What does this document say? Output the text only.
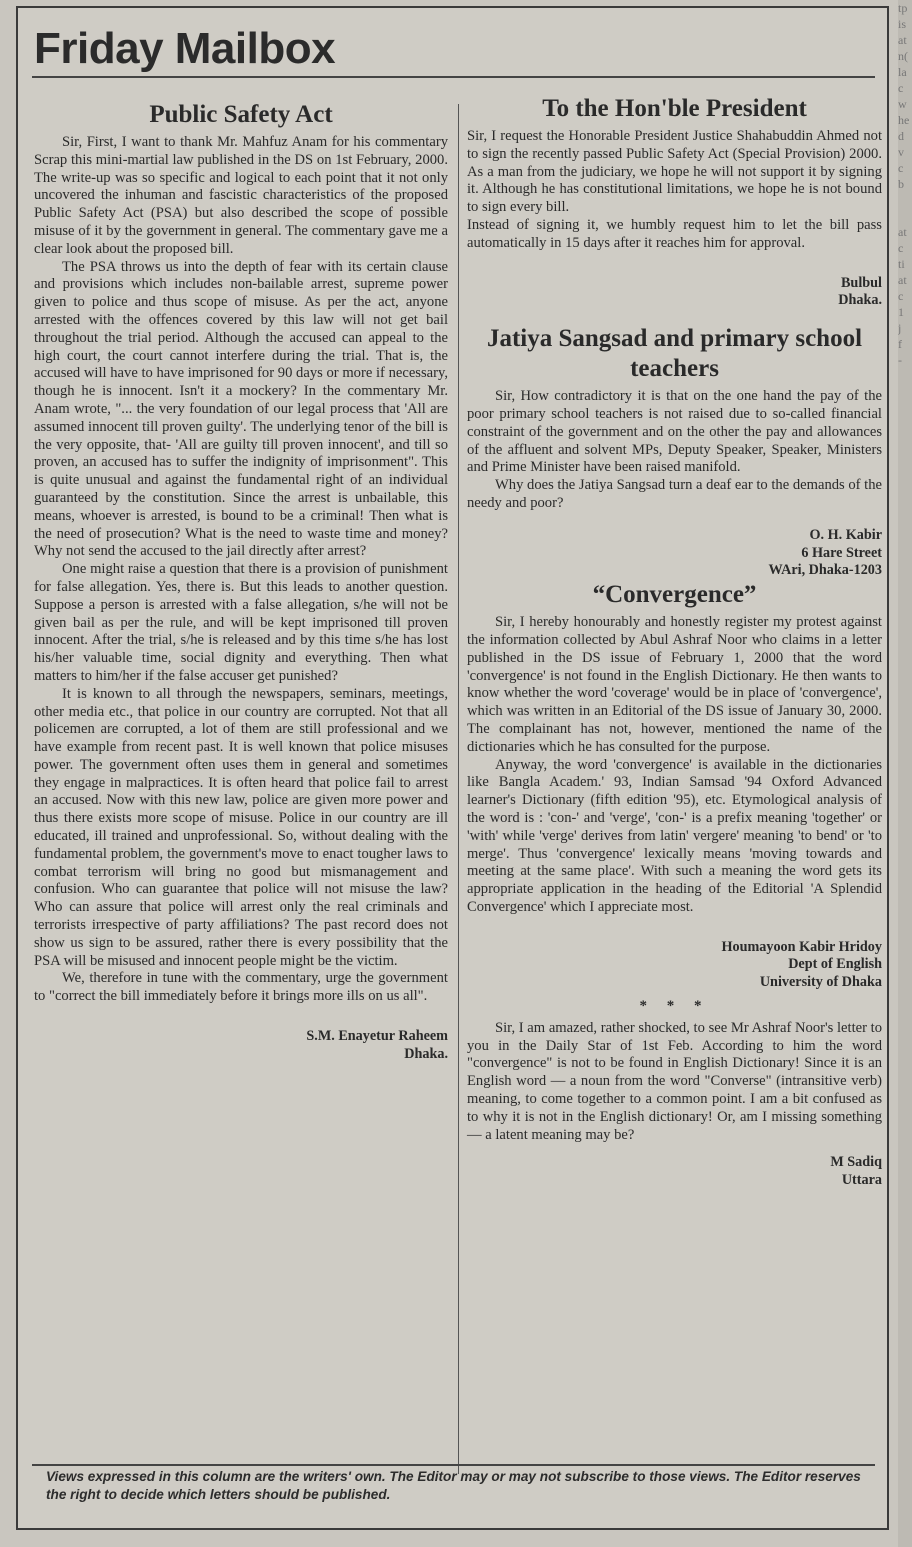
tp
is
at
n(
la
c
w
he
d
v
c
b

at
c
ti
at
c
1
j
f
-
Friday Mailbox
Public Safety Act

Sir, First, I want to thank Mr. Mahfuz Anam for his commentary Scrap this mini-martial law published in the DS on 1st February, 2000. The write-up was so specific and logical to each point that it not only uncovered the inhuman and fascistic characteristics of the proposed Public Safety Act (PSA) but also described the scope of possible misuse of it by the government in general. The commentary gave me a clear look about the proposed bill.

The PSA throws us into the depth of fear with its certain clause and provisions which includes non-bailable arrest, supreme power given to police and thus scope of misuse. As per the act, anyone arrested with the offences covered by this law will not get bail throughout the trial period. Although the accused can appeal to the high court, the court cannot interfere during the trial. That is, the accused will have to have imprisoned for 90 days or more if necessary, though he is innocent. Isn't it a mockery? In the commentary Mr. Anam wrote, "... the very foundation of our legal process that 'All are assumed innocent till proven guilty'. The underlying tenor of the bill is the very opposite, that- 'All are guilty till proven innocent', and till so proven, an accused has to suffer the indignity of imprisonment". This is quite unusual and against the fundamental right of an individual guaranteed by the constitution. Since the arrest is unbailable, this means, whoever is arrested, is bound to be a criminal! Then what is the need of prosecution? What is the need to waste time and money? Why not send the accused to the jail directly after arrest?

One might raise a question that there is a provision of punishment for false allegation. Yes, there is. But this leads to another question. Suppose a person is arrested with a false allegation, s/he will not be given bail as per the rule, and will be kept imprisoned till proven innocent. After the trial, s/he is released and by this time s/he has lost his/her valuable time, social dignity and everything. Then what matters to him/her if the false accuser get punished?

It is known to all through the newspapers, seminars, meetings, other media etc., that police in our country are corrupted. Not that all policemen are corrupted, a lot of them are still professional and we have example from recent past. It is well known that police misuses power. The government often uses them in general and sometimes they engage in malpractices. It is often heard that police fail to arrest an accused. Now with this new law, police are given more power and thus there exists more scope of misuse. Police in our country are ill educated, ill trained and unprofessional. So, without dealing with the fundamental problem, the government's move to enact tougher laws to combat terrorism will bring no good but mismanagement and confusion. Who can guarantee that police will not misuse the law? Who can assure that police will arrest only the real criminals and terrorists irrespective of party affiliations? The past record does not show us sign to be assured, rather there is every possibility that the PSA will be misused and innocent people might be the victim.

We, therefore in tune with the commentary, urge the government to "correct the bill immediately before it brings more ills on us all".

S.M. Enayetur Raheem
Dhaka.
To the Hon'ble President

Sir, I request the Honorable President Justice Shahabuddin Ahmed not to sign the recently passed Public Safety Act (Special Provision) 2000. As a man from the judiciary, we hope he will not support it by signing it. Although he has constitutional limitations, we hope he is not bound to sign every bill.

Instead of signing it, we humbly request him to let the bill pass automatically in 15 days after it reaches him for approval.

Bulbul
Dhaka.
Jatiya Sangsad and primary school teachers

Sir, How contradictory it is that on the one hand the pay of the poor primary school teachers is not raised due to so-called financial constraint of the government and on the other the pay and allowances of the affluent and solvent MPs, Deputy Speaker, Speaker, Ministers and Prime Minister have been raised manifold.

Why does the Jatiya Sangsad turn a deaf ear to the demands of the needy and poor?

O. H. Kabir
6 Hare Street
WAri, Dhaka-1203
“Convergence”

Sir, I hereby honourably and honestly register my protest against the information collected by Abul Ashraf Noor who claims in a letter published in the DS issue of February 1, 2000 that the word 'convergence' is not found in the English Dictionary. He then wants to know whether the word 'coverage' would be in place of 'convergence', which was written in an Editorial of the DS issue of January 30, 2000. The complainant has not, however, mentioned the name of the dictionaries which he has consulted for the purpose.

Anyway, the word 'convergence' is available in the dictionaries like Bangla Academ.' 93, Indian Samsad '94 Oxford Advanced learner's Dictionary (fifth edition '95), etc. Etymological analysis of the word is : 'con-' and 'verge', 'con-' is a prefix meaning 'together' or 'with' while 'verge' derives from latin' vergere' meaning 'to bend' or 'to merge'. Thus 'convergence' lexically means 'moving towards and meeting at the same place'. With such a meaning the word gets its appropriate application in the heading of the Editorial 'A Splendid Convergence' which I appreciate most.

Houmayoon Kabir Hridoy
Dept of English
University of Dhaka
* * *

Sir, I am amazed, rather shocked, to see Mr Ashraf Noor's letter to you in the Daily Star of 1st Feb. According to him the word "convergence" is not to be found in English Dictionary! Since it is an English word — a noun from the word "Converse" (intransitive verb) meaning, to come together to a common point. I am a bit confused as to why it is not in the English dictionary! Or, am I missing something — a latent meaning may be?

M Sadiq
Uttara
Views expressed in this column are the writers' own. The Editor may or may not subscribe to those views. The Editor reserves the right to decide which letters should be published.
